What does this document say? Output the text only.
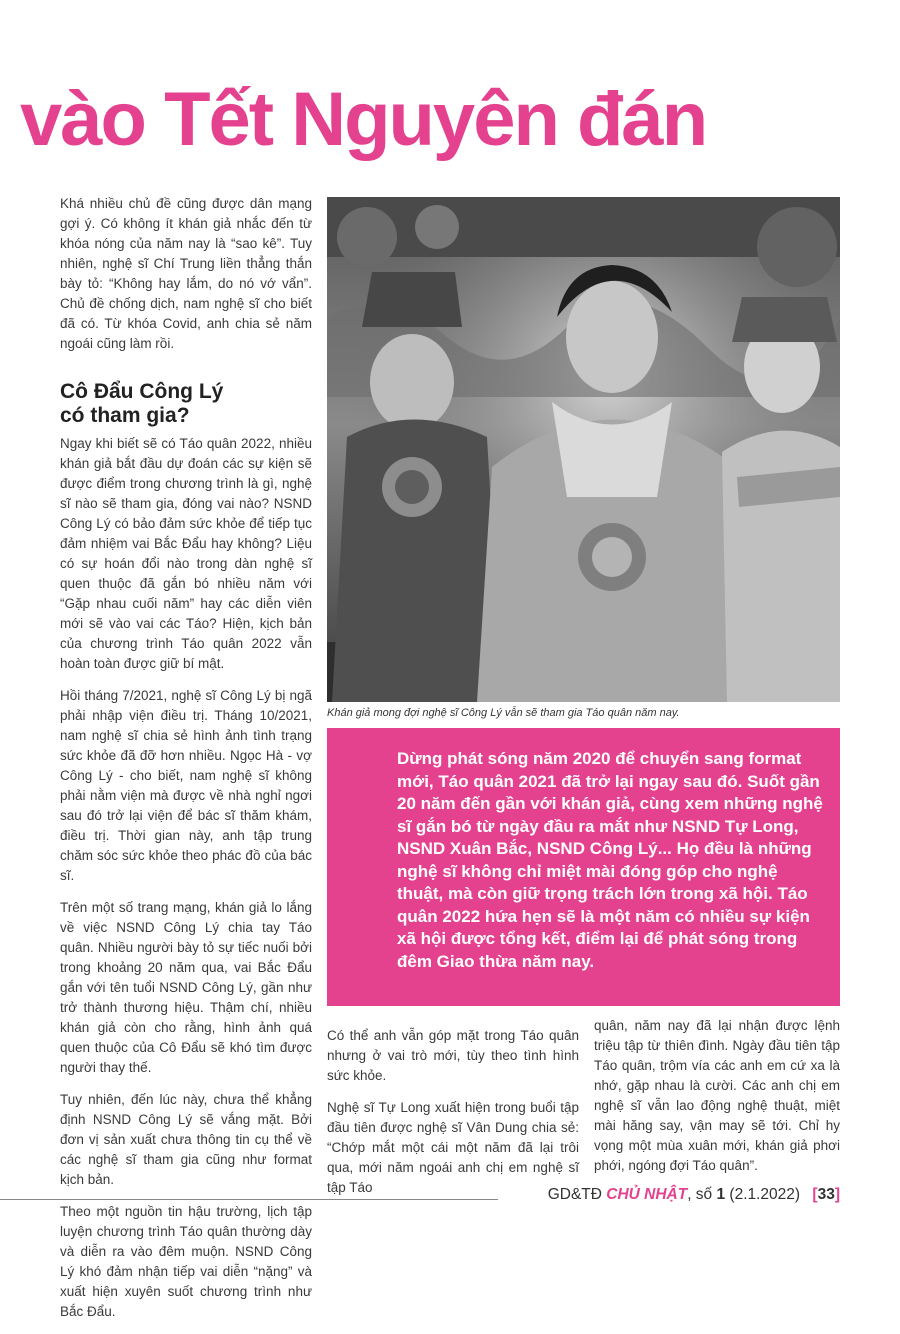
vào Tết Nguyên đán

Khá nhiều chủ đề cũng được dân mạng gợi ý. Có không ít khán giả nhắc đến từ khóa nóng của năm nay là “sao kê”. Tuy nhiên, nghệ sĩ Chí Trung liền thẳng thắn bày tỏ: “Không hay lắm, do nó vớ vẩn”. Chủ đề chống dịch, nam nghệ sĩ cho biết đã có. Từ khóa Covid, anh chia sẻ năm ngoái cũng làm rồi.

Cô Đẩu Công Lý
có tham gia?

Ngay khi biết sẽ có Táo quân 2022, nhiều khán giả bắt đầu dự đoán các sự kiện sẽ được điểm trong chương trình là gì, nghệ sĩ nào sẽ tham gia, đóng vai nào? NSND Công Lý có bảo đảm sức khỏe để tiếp tục đảm nhiệm vai Bắc Đẩu hay không? Liệu có sự hoán đổi nào trong dàn nghệ sĩ quen thuộc đã gắn bó nhiều năm với “Gặp nhau cuối năm” hay các diễn viên mới sẽ vào vai các Táo? Hiện, kịch bản của chương trình Táo quân 2022 vẫn hoàn toàn được giữ bí mật.

Hồi tháng 7/2021, nghệ sĩ Công Lý bị ngã phải nhập viện điều trị. Tháng 10/2021, nam nghệ sĩ chia sẻ hình ảnh tình trạng sức khỏe đã đỡ hơn nhiều. Ngọc Hà - vợ Công Lý - cho biết, nam nghệ sĩ không phải nằm viện mà được về nhà nghỉ ngơi sau đó trở lại viện để bác sĩ thăm khám, điều trị. Thời gian này, anh tập trung chăm sóc sức khỏe theo phác đồ của bác sĩ.

Trên một số trang mạng, khán giả lo lắng về việc NSND Công Lý chia tay Táo quân. Nhiều người bày tỏ sự tiếc nuối bởi trong khoảng 20 năm qua, vai Bắc Đẩu gắn với tên tuổi NSND Công Lý, gần như trở thành thương hiệu. Thậm chí, nhiều khán giả còn cho rằng, hình ảnh quá quen thuộc của Cô Đẩu sẽ khó tìm được người thay thế.

Tuy nhiên, đến lúc này, chưa thể khẳng định NSND Công Lý sẽ vắng mặt. Bởi đơn vị sản xuất chưa thông tin cụ thể về các nghệ sĩ tham gia cũng như format kịch bản.

Theo một nguồn tin hậu trường, lịch tập luyện chương trình Táo quân thường dày và diễn ra vào đêm muộn. NSND Công Lý khó đảm nhận tiếp vai diễn “nặng” và xuất hiện xuyên suốt chương trình như Bắc Đẩu.

Khán giả mong đợi nghệ sĩ Công Lý vẫn sẽ tham gia Táo quân năm nay.
Dừng phát sóng năm 2020 để chuyển sang format mới, Táo quân 2021 đã trở lại ngay sau đó. Suốt gần 20 năm đến gần với khán giả, cùng xem những nghệ sĩ gắn bó từ ngày đầu ra mắt như NSND Tự Long, NSND Xuân Bắc, NSND Công Lý... Họ đều là những nghệ sĩ không chỉ miệt mài đóng góp cho nghệ thuật, mà còn giữ trọng trách lớn trong xã hội. Táo quân 2022 hứa hẹn sẽ là một năm có nhiều sự kiện xã hội được tổng kết, điểm lại để phát sóng trong đêm Giao thừa năm nay.

Có thể anh vẫn góp mặt trong Táo quân nhưng ở vai trò mới, tùy theo tình hình sức khỏe.

Nghệ sĩ Tự Long xuất hiện trong buổi tập đầu tiên được nghệ sĩ Vân Dung chia sẻ: “Chớp mắt một cái một năm đã lại trôi qua, mới năm ngoái anh chị em nghệ sĩ tập Táo

quân, năm nay đã lại nhận được lệnh triệu tập từ thiên đình. Ngày đầu tiên tập Táo quân, trộm vía các anh em cứ xa là nhớ, gặp nhau là cười. Các anh chị em nghệ sĩ vẫn lao động nghệ thuật, miệt mài hăng say, vận may sẽ tới. Chỉ hy vọng một mùa xuân mới, khán giả phơi phới, ngóng đợi Táo quân”.

GD&TĐ CHỦ NHẬT, số 1 (2.1.2022) [33]
